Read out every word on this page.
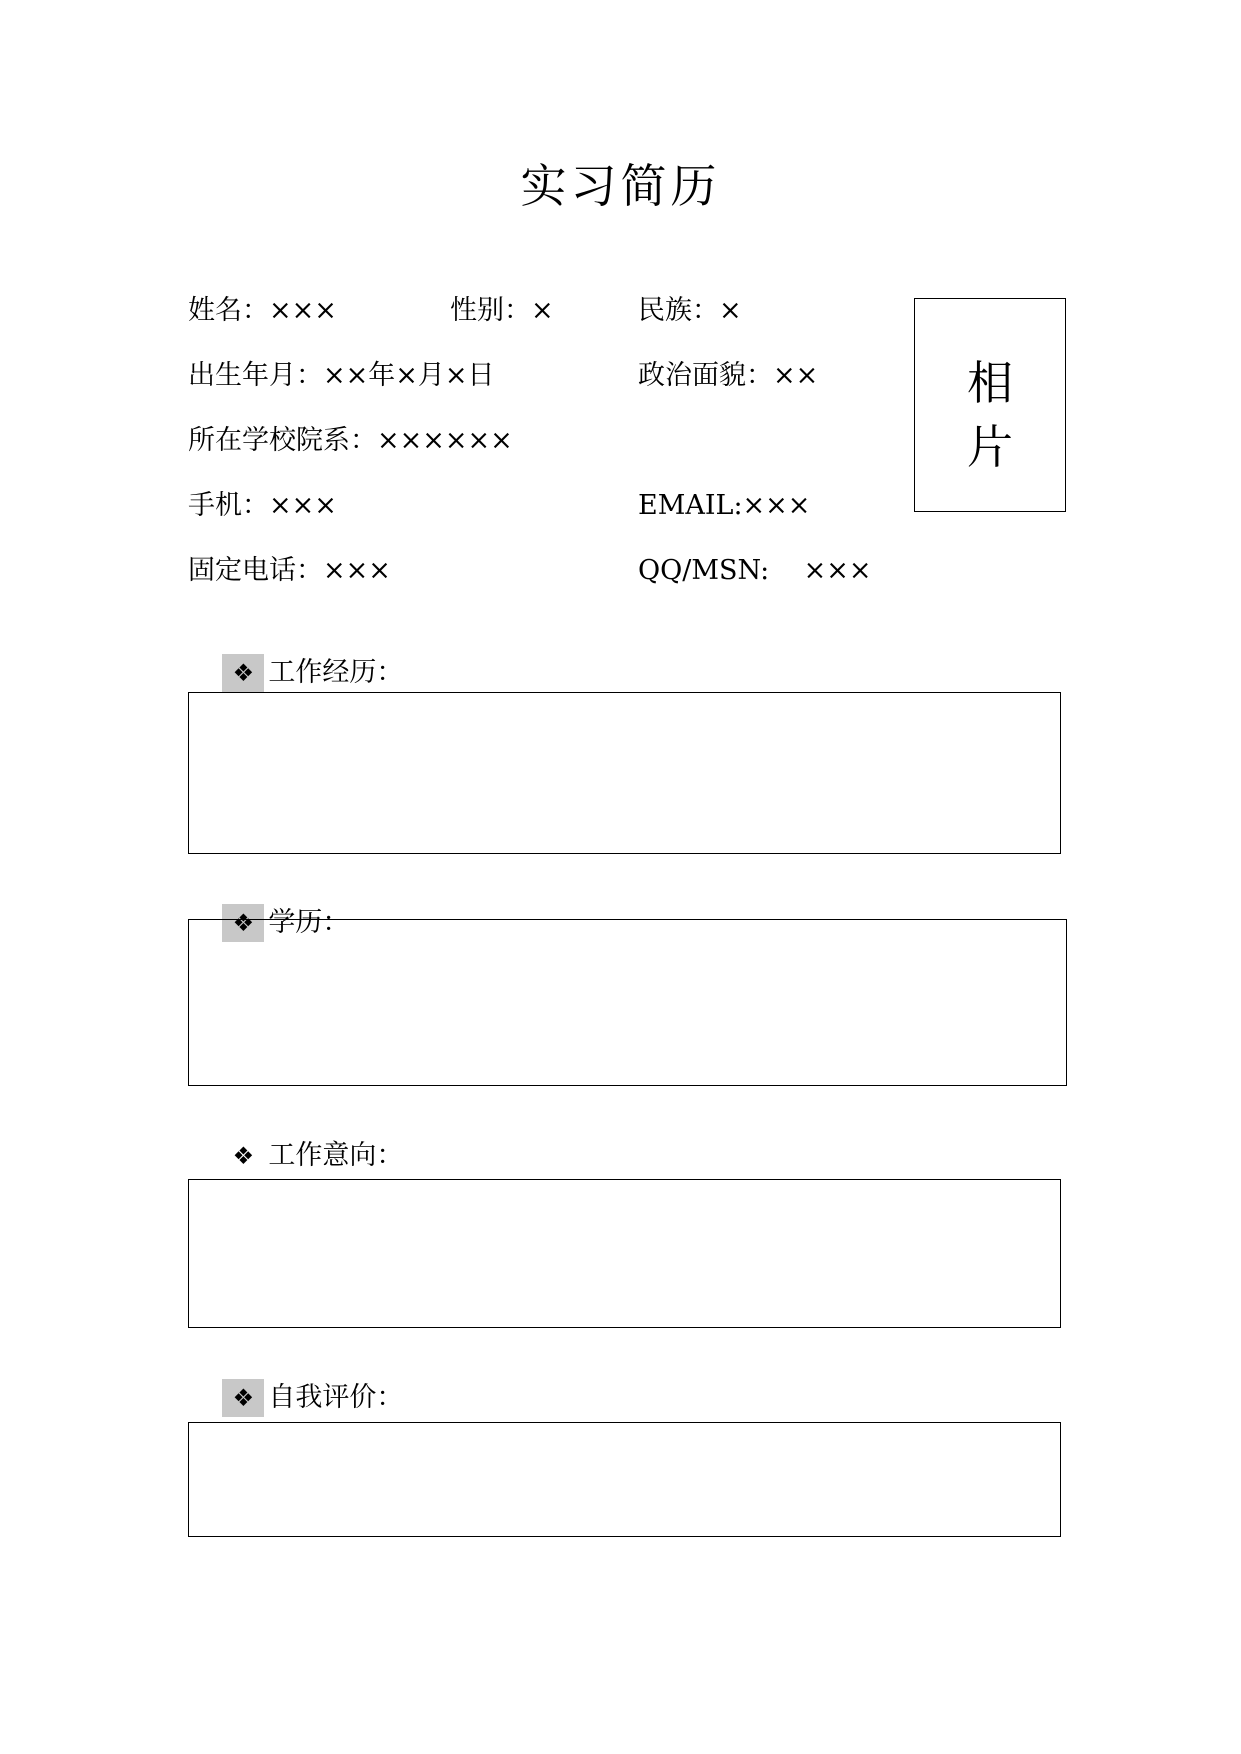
实习简历
姓名：×××	性别：×	民族：×
出生年月：××年×月×日	政治面貌：××
所在学校院系：××××××
手机：×××	EMAIL:×××
固定电话：×××	QQ/MSN:    ×××
相
片

❖ 工作经历：

❖ 学历：

❖ 工作意向：

❖ 自我评价：
